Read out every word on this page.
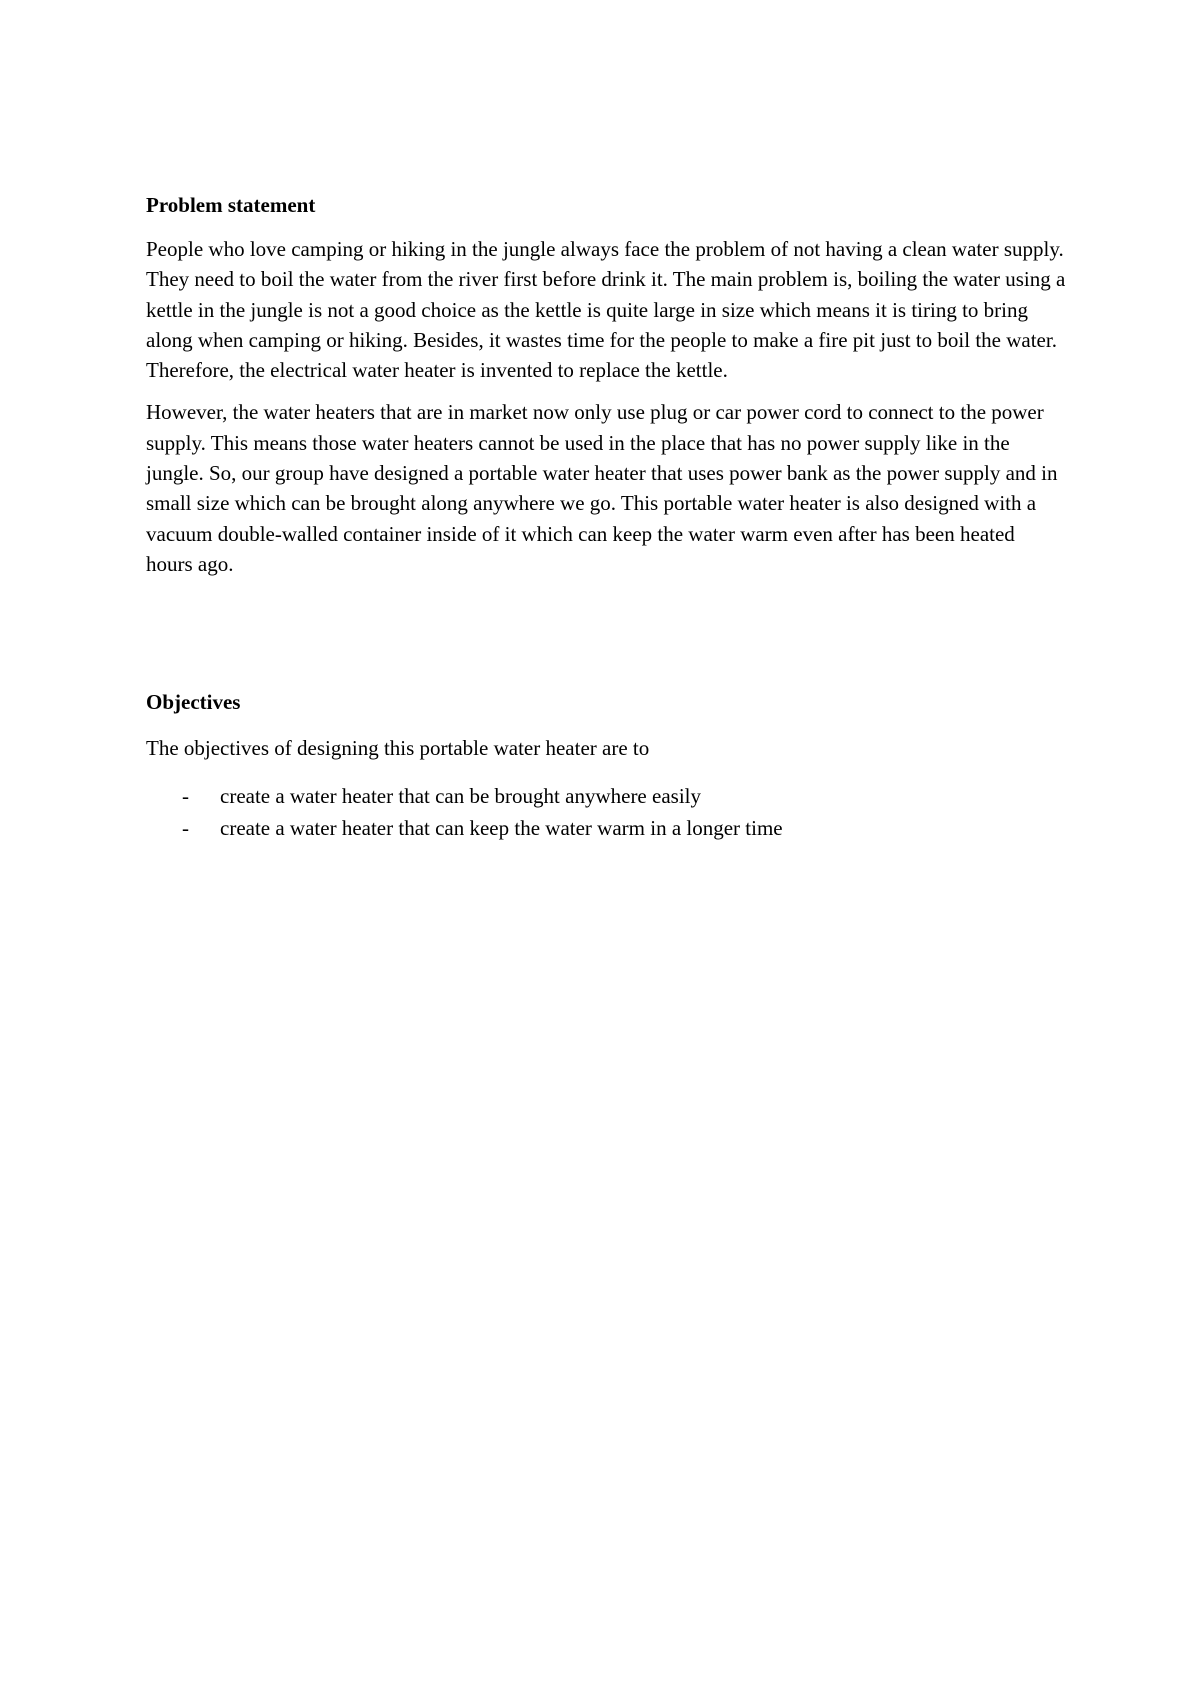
Problem statement

People who love camping or hiking in the jungle always face the problem of not having a clean water supply. They need to boil the water from the river first before drink it. The main problem is, boiling the water using a kettle in the jungle is not a good choice as the kettle is quite large in size which means it is tiring to bring along when camping or hiking. Besides, it wastes time for the people to make a fire pit just to boil the water. Therefore, the electrical water heater is invented to replace the kettle.

However, the water heaters that are in market now only use plug or car power cord to connect to the power supply. This means those water heaters cannot be used in the place that has no power supply like in the jungle. So, our group have designed a portable water heater that uses power bank as the power supply and in small size which can be brought along anywhere we go. This portable water heater is also designed with a vacuum double-walled container inside of it which can keep the water warm even after has been heated hours ago.

Objectives

The objectives of designing this portable water heater are to

- create a water heater that can be brought anywhere easily
- create a water heater that can keep the water warm in a longer time
